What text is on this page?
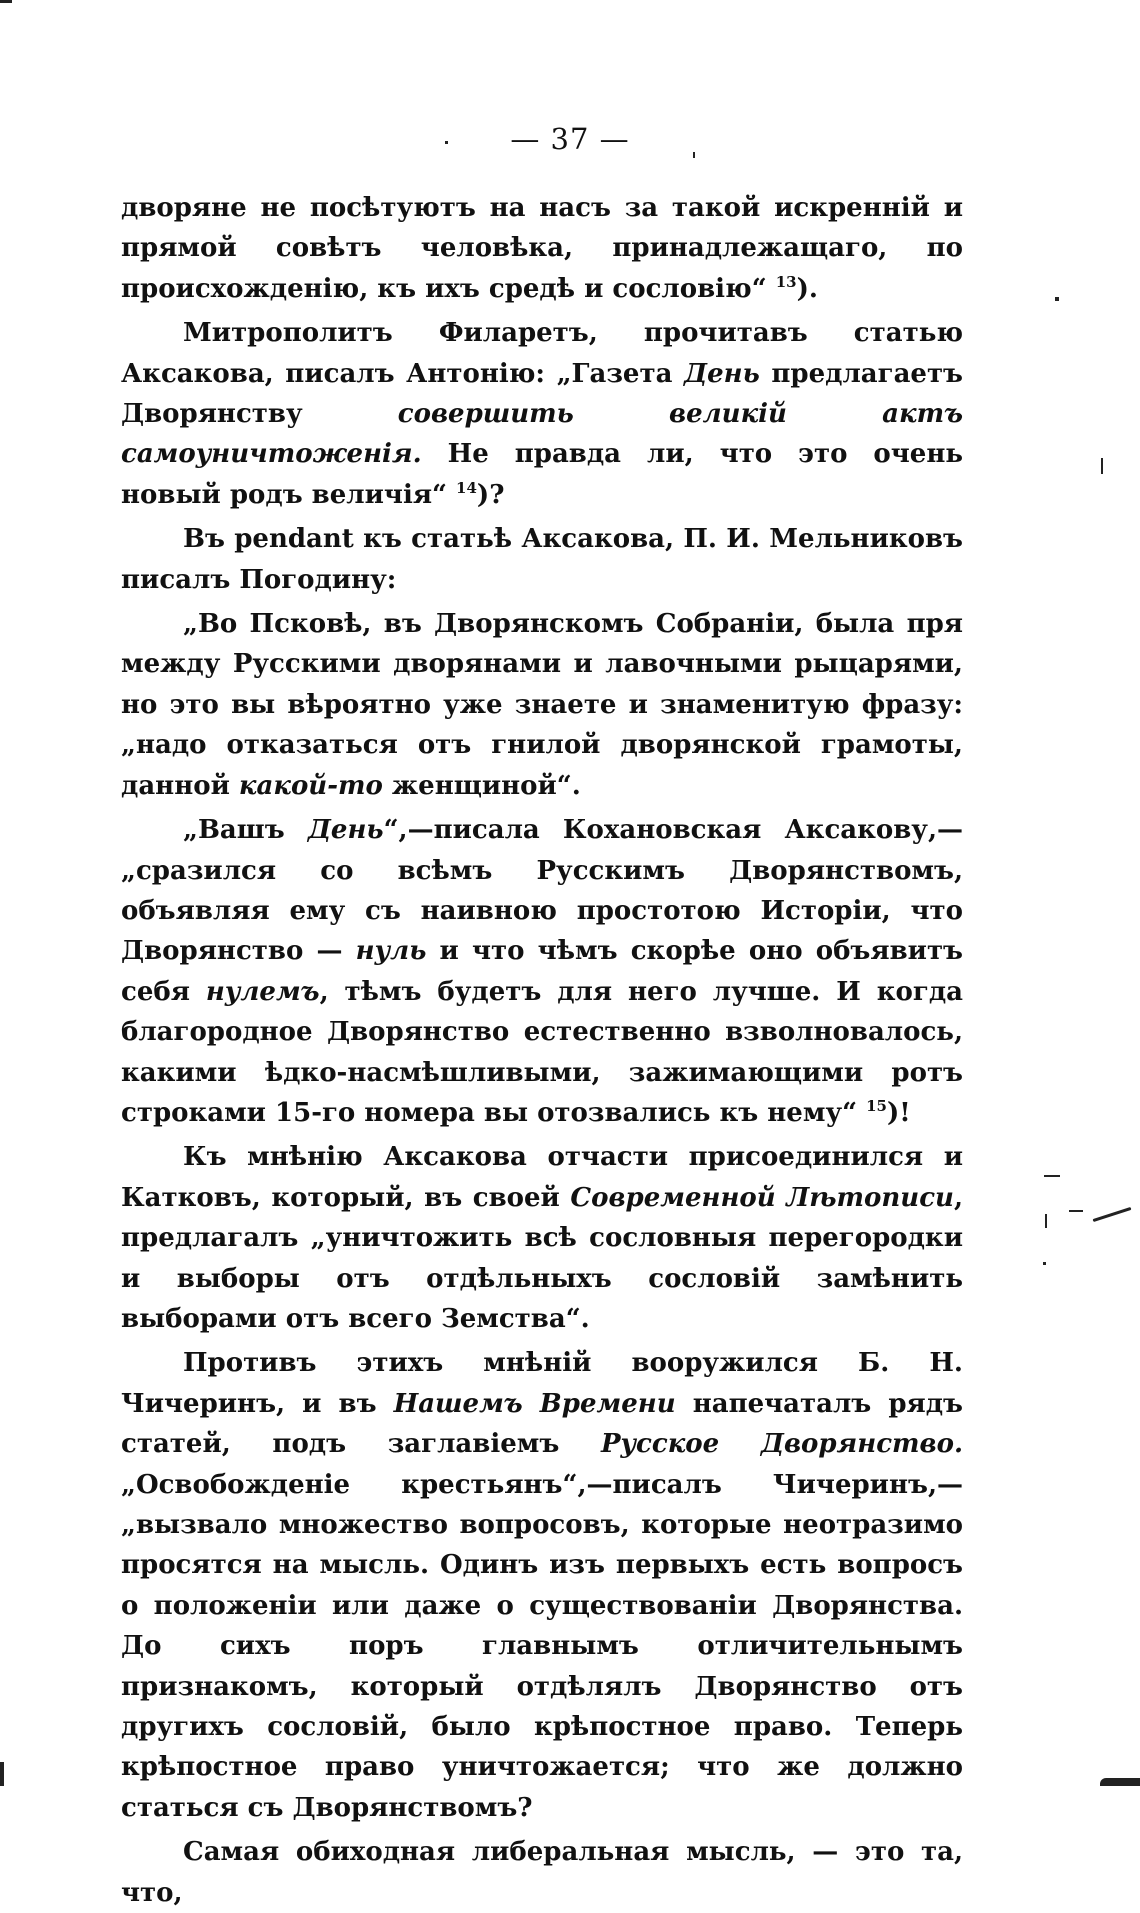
— 37 —

дворяне не посѣтуютъ на насъ за такой искренній и прямой совѣтъ человѣка, принадлежащаго, по происхожденію, къ ихъ средѣ и сословію“ $^{13}$).

Митрополитъ Филаретъ, прочитавъ статью Аксакова, писалъ Антонію: „Газета День предлагаетъ Дворянству совершить великій актъ самоуничтоженія. Не правда ли, что это очень новый родъ величія“ $^{14}$)?

Въ pendant къ статьѣ Аксакова, П. И. Мельниковъ писалъ Погодину:

„Во Псковѣ, въ Дворянскомъ Собраніи, была пря между Русскими дворянами и лавочными рыцарями, но это вы вѣроятно уже знаете и знаменитую фразу: „надо отказаться отъ гнилой дворянской грамоты, данной какой-то женщиной“.

„Вашъ День“,—писала Кохановская Аксакову,—„сразился со всѣмъ Русскимъ Дворянствомъ, объявляя ему съ наивною простотою Исторіи, что Дворянство — нуль и что чѣмъ скорѣе оно объявитъ себя нулемъ, тѣмъ будетъ для него лучше. И когда благородное Дворянство естественно взволновалось, какими ѣдко-насмѣшливыми, зажимающими ротъ строками 15-го номера вы отозвались къ нему“ $^{15}$)!

Къ мнѣнію Аксакова отчасти присоединился и Катковъ, который, въ своей Современной Лѣтописи, предлагалъ „уничтожить всѣ сословныя перегородки и выборы отъ отдѣльныхъ сословій замѣнить выборами отъ всего Земства“.

Противъ этихъ мнѣній вооружился Б. Н. Чичеринъ, и въ Нашемъ Времени напечаталъ рядъ статей, подъ заглавіемъ Русское Дворянство. „Освобожденіе крестьянъ“,—писалъ Чичеринъ,—„вызвало множество вопросовъ, которые неотразимо просятся на мысль. Одинъ изъ первыхъ есть вопросъ о положеніи или даже о существованіи Дворянства. До сихъ поръ главнымъ отличительнымъ признакомъ, который отдѣлялъ Дворянство отъ другихъ сословій, было крѣпостное право. Теперь крѣпостное право уничтожается; что же должно статься съ Дворянствомъ?

Самая обиходная либеральная мысль, — это та, что,
